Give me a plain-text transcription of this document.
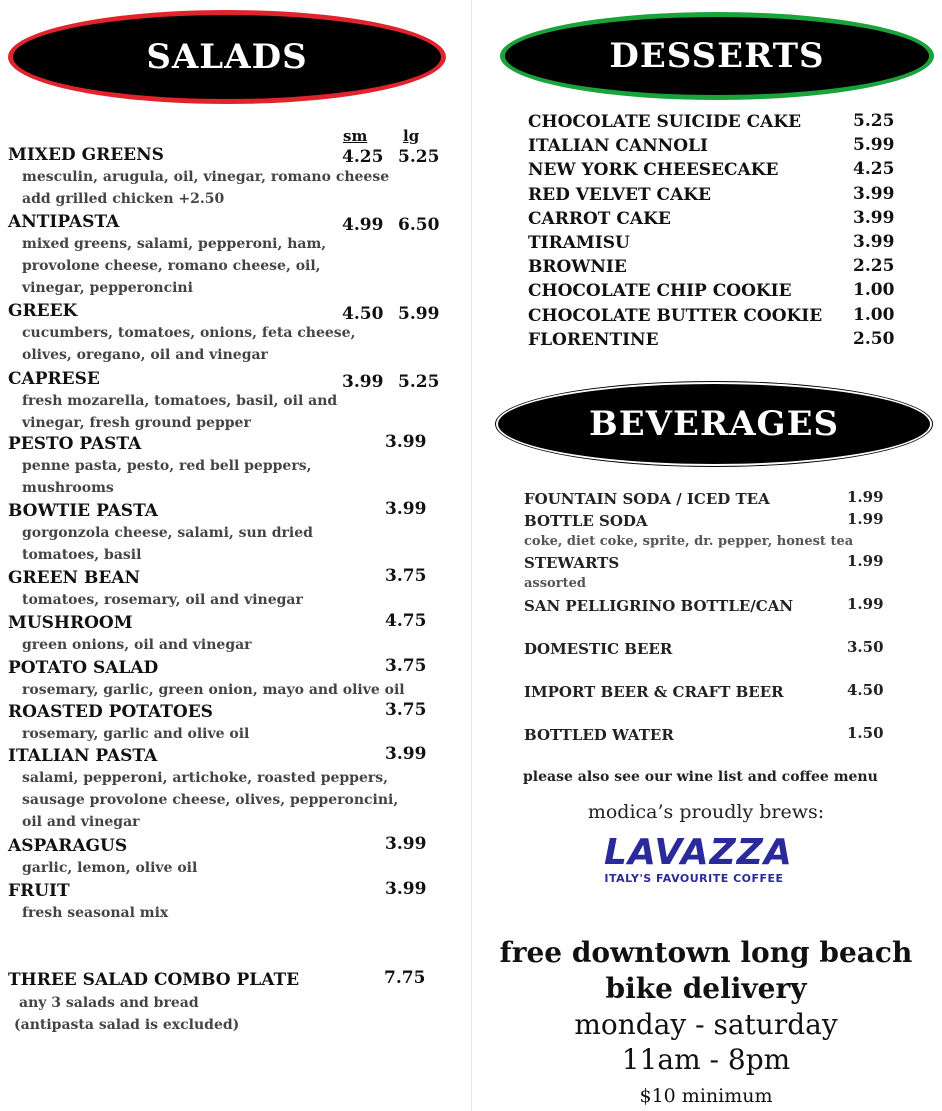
SALADS
sm lg
MIXED GREENS	4.25 5.25
mesculin, arugula, oil, vinegar, romano cheese
add grilled chicken +2.50
ANTIPASTA	4.99 6.50
mixed greens, salami, pepperoni, ham,
provolone cheese, romano cheese, oil,
vinegar, pepperoncini
GREEK	4.50 5.99
cucumbers, tomatoes, onions, feta cheese,
olives, oregano, oil and vinegar
CAPRESE	3.99 5.25
fresh mozarella, tomatoes, basil, oil and
vinegar, fresh ground pepper
PESTO PASTA	3.99
penne pasta, pesto, red bell peppers,
mushrooms
BOWTIE PASTA	3.99
gorgonzola cheese, salami, sun dried
tomatoes, basil
GREEN BEAN	3.75
tomatoes, rosemary, oil and vinegar
MUSHROOM	4.75
green onions, oil and vinegar
POTATO SALAD	3.75
rosemary, garlic, green onion, mayo and olive oil
ROASTED POTATOES	3.75
rosemary, garlic and olive oil
ITALIAN PASTA	3.99
salami, pepperoni, artichoke, roasted peppers,
sausage provolone cheese, olives, pepperoncini,
oil and vinegar
ASPARAGUS	3.99
garlic, lemon, olive oil
FRUIT	3.99
fresh seasonal mix
THREE SALAD COMBO PLATE	7.75
any 3 salads and bread
(antipasta salad is excluded)
DESSERTS
CHOCOLATE SUICIDE CAKE	5.25
ITALIAN CANNOLI	5.99
NEW YORK CHEESECAKE	4.25
RED VELVET CAKE	3.99
CARROT CAKE	3.99
TIRAMISU	3.99
BROWNIE	2.25
CHOCOLATE CHIP COOKIE	1.00
CHOCOLATE BUTTER COOKIE 1.00
FLORENTINE	2.50
BEVERAGES
FOUNTAIN SODA / ICED TEA	1.99
BOTTLE SODA	1.99
coke, diet coke, sprite, dr. pepper, honest tea
STEWARTS	1.99
assorted
SAN PELLIGRINO BOTTLE/CAN	1.99
DOMESTIC BEER	3.50
IMPORT BEER & CRAFT BEER	4.50
BOTTLED WATER	1.50
please also see our wine list and coffee menu
modica’s proudly brews:
LAVAZZA
ITALY'S FAVOURITE COFFEE
free downtown long beach
bike delivery
monday - saturday
11am - 8pm
$10 minimum
